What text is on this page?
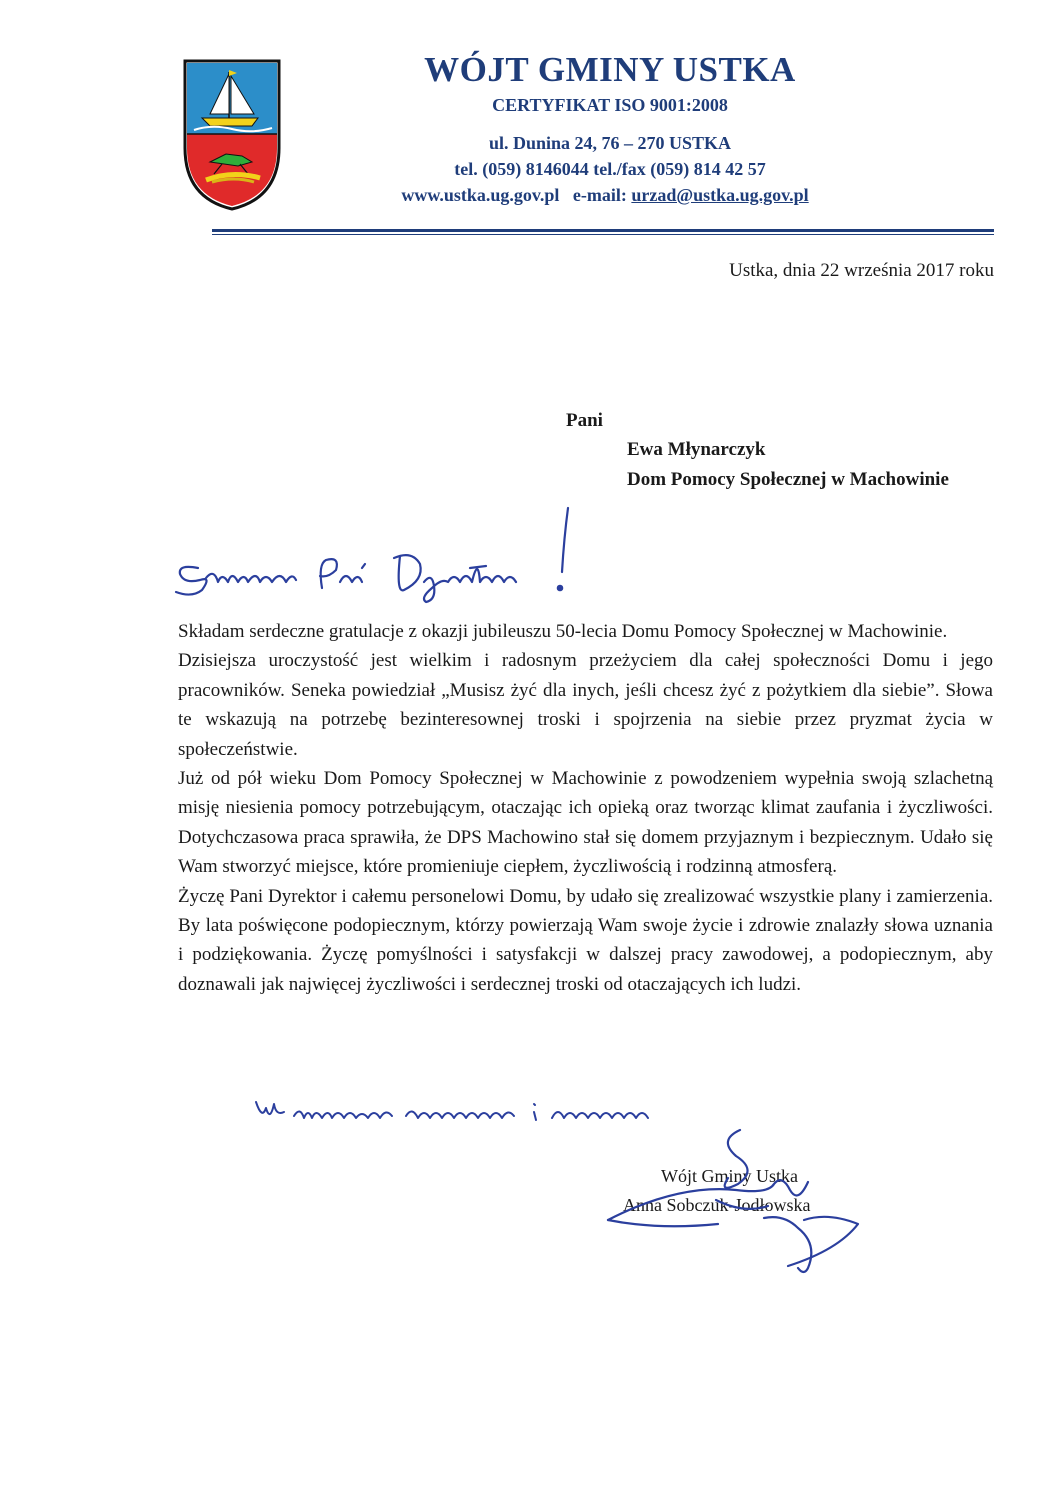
WÓJT GMINY USTKA
CERTYFIKAT ISO 9001:2008
ul. Dunina 24, 76 – 270 USTKA
tel. (059) 8146044 tel./fax (059) 814 42 57
www.ustka.ug.gov.pl e-mail: urzad@ustka.ug.gov.pl
Ustka, dnia 22 września 2017 roku
Pani
Ewa Młynarczyk
Dom Pomocy Społecznej w Machowinie

Składam serdeczne gratulacje z okazji jubileuszu 50-lecia Domu Pomocy Społecznej w Machowinie.

Dzisiejsza uroczystość jest wielkim i radosnym przeżyciem dla całej społeczności Domu i jego pracowników. Seneka powiedział „Musisz żyć dla inych, jeśli chcesz żyć z pożytkiem dla siebie”. Słowa te wskazują na potrzebę bezinteresownej troski i spojrzenia na siebie przez pryzmat życia w społeczeństwie.

Już od pół wieku Dom Pomocy Społecznej w Machowinie z powodzeniem wypełnia swoją szlachetną misję niesienia pomocy potrzebującym, otaczając ich opieką oraz tworząc klimat zaufania i życzliwości. Dotychczasowa praca sprawiła, że DPS Machowino stał się domem przyjaznym i bezpiecznym. Udało się Wam stworzyć miejsce, które promieniuje ciepłem, życzliwością i rodzinną atmosferą.

Życzę Pani Dyrektor i całemu personelowi Domu, by udało się zrealizować wszystkie plany i zamierzenia. By lata poświęcone podopiecznym, którzy powierzają Wam swoje życie i zdrowie znalazły słowa uznania i podziękowania. Życzę pomyślności i satysfakcji w dalszej pracy zawodowej, a podopiecznym, aby doznawali jak najwięcej życzliwości i serdecznej troski od otaczających ich ludzi.

Wójt Gminy Ustka
Anna Sobczuk-Jodłowska
